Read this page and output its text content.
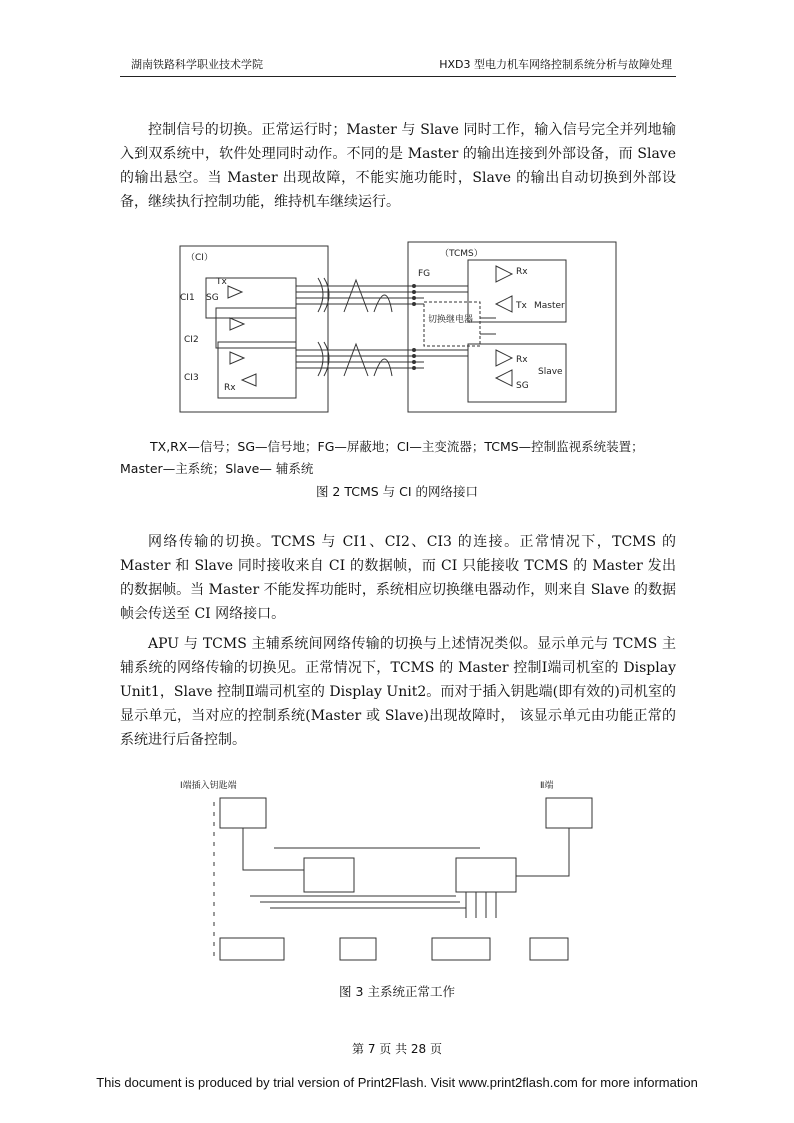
湖南铁路科学职业技术学院	HXD3 型电力机车网络控制系统分析与故障处理
控制信号的切换。正常运行时；Master 与 Slave 同时工作，输入信号完全并列地输入到双系统中，软件处理同时动作。不同的是 Master 的输出连接到外部设备，而 Slave 的输出悬空。当 Master 出现故障，不能实施功能时，Slave 的输出自动切换到外部设备，继续执行控制功能，维持机车继续运行。
（CI）	（TCMS）
CI1
CI2
CI3
Tx
SG
Rx
FG
切换继电器
Master
Slave
Rx
Tx
Rx
SG
TX,RX—信号；SG—信号地；FG—屏蔽地；CI—主变流器；TCMS—控制监视系统装置；Master—主系统；Slave— 辅系统
图 2 TCMS 与 CI 的网络接口
网络传输的切换。TCMS 与 CI1、CI2、CI3 的连接。正常情况下，TCMS 的 Master 和 Slave 同时接收来自 CI 的数据帧，而 CI 只能接收 TCMS 的 Master 发出的数据帧。当 Master 不能发挥功能时，系统相应切换继电器动作，则来自 Slave 的数据帧会传送至 CI 网络接口。
APU 与 TCMS 主辅系统间网络传输的切换与上述情况类似。显示单元与 TCMS 主辅系统的网络传输的切换见。正常情况下，TCMS 的 Master 控制Ⅰ端司机室的 Display Unit1，Slave 控制Ⅱ端司机室的 Display Unit2。而对于插入钥匙端(即有效的)司机室的显示单元，当对应的控制系统(Master 或 Slave)出现故障时， 该显示单元由功能正常的系统进行后备控制。
Ⅰ端插入钥匙端	Ⅱ端
图 3 主系统正常工作
第 7 页 共 28 页
This document is produced by trial version of Print2Flash. Visit www.print2flash.com for more information
